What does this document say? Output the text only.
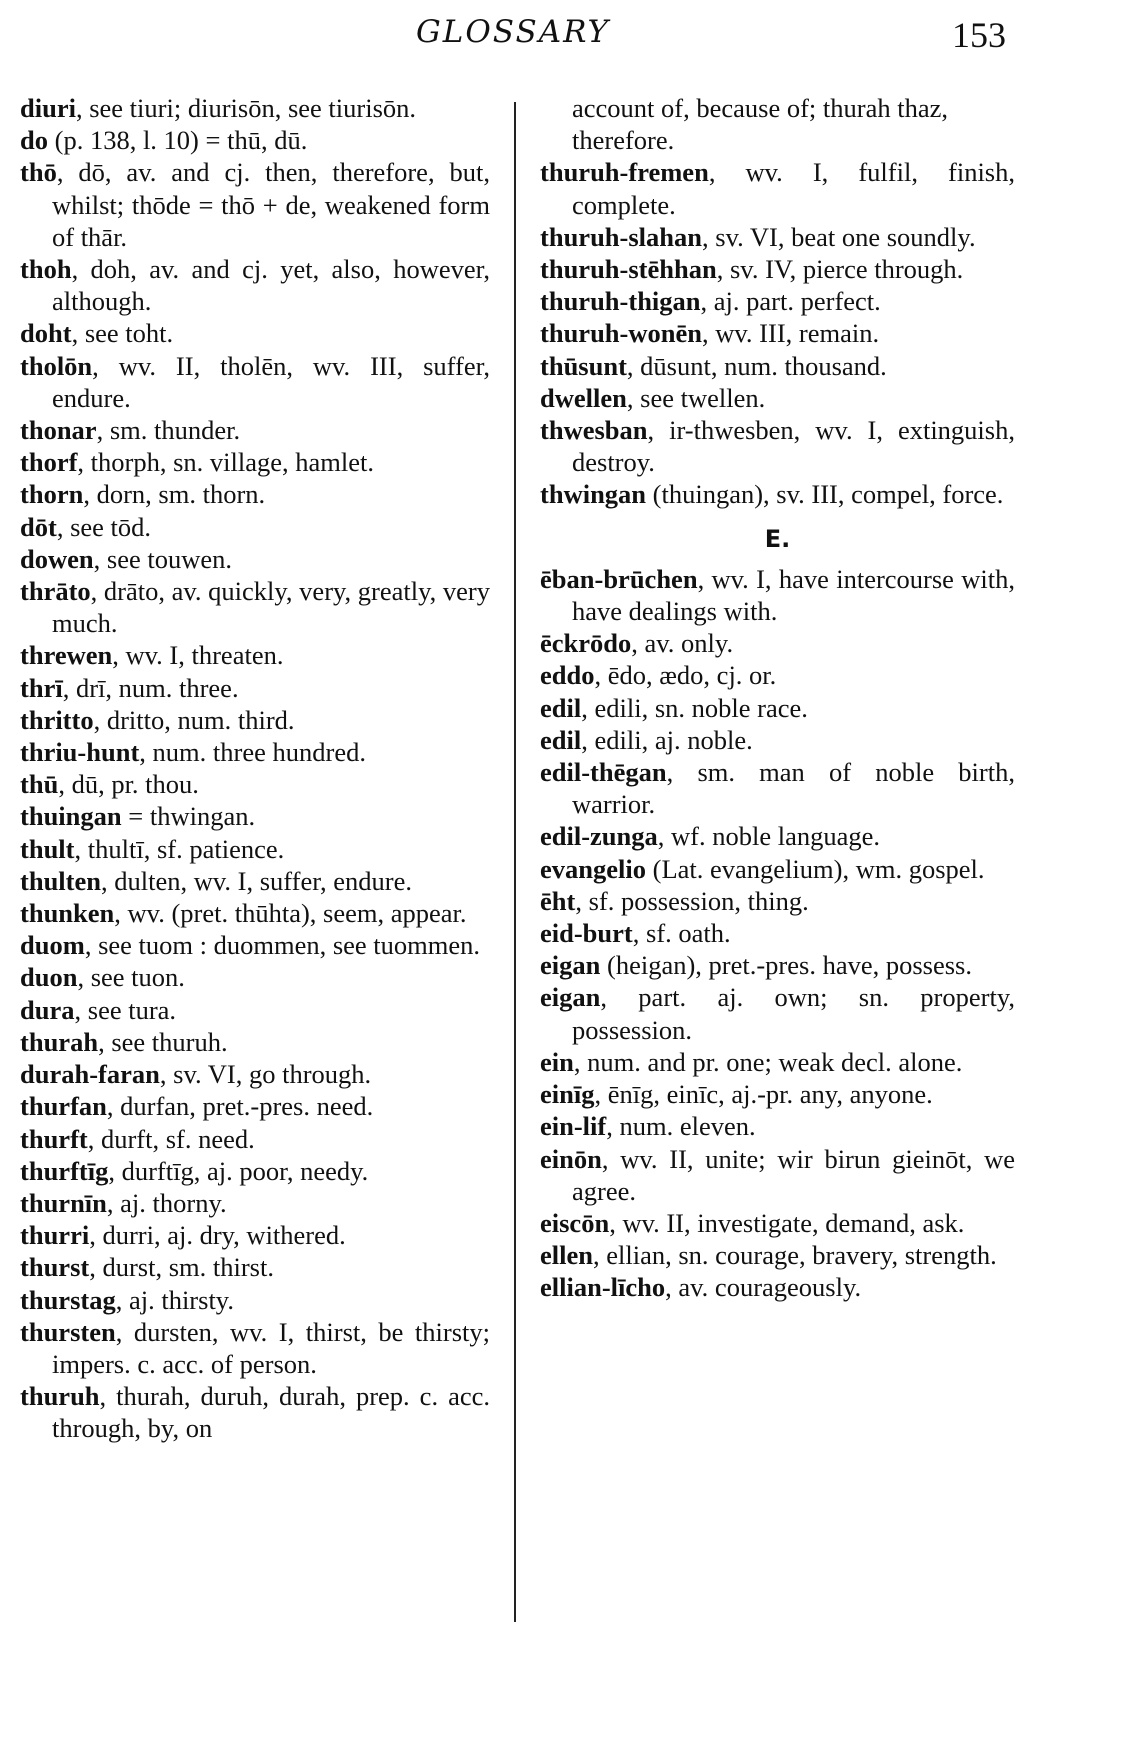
GLOSSARY	153
diuri, see tiuri; diurisōn, see tiurisōn.
do (p. 138, l. 10) = thū, dū.
thō, dō, av. and cj. then, therefore, but, whilst; thōde = thō + de, weakened form of thār.
thoh, doh, av. and cj. yet, also, however, although.
doht, see toht.
tholōn, wv. II, tholēn, wv. III, suffer, endure.
thonar, sm. thunder.
thorf, thorph, sn. village, hamlet.
thorn, dorn, sm. thorn.
dōt, see tōd.
dowen, see touwen.
thrāto, drāto, av. quickly, very, greatly, very much.
threwen, wv. I, threaten.
thrī, drī, num. three.
thritto, dritto, num. third.
thriu-hunt, num. three hundred.
thū, dū, pr. thou.
thuingan = thwingan.
thult, thultī, sf. patience.
thulten, dulten, wv. I, suffer, endure.
thunken, wv. (pret. thūhta), seem, appear.
duom, see tuom : duommen, see tuommen.
duon, see tuon.
dura, see tura.
thurah, see thuruh.
durah-faran, sv. VI, go through.
thurfan, durfan, pret.-pres. need.
thurft, durft, sf. need.
thurftīg, durftīg, aj. poor, needy.
thurnīn, aj. thorny.
thurri, durri, aj. dry, withered.
thurst, durst, sm. thirst.
thurstag, aj. thirsty.
thursten, dursten, wv. I, thirst, be thirsty; impers. c. acc. of person.
thuruh, thurah, duruh, durah, prep. c. acc. through, by, on
account of, because of; thurah thaz, therefore.
thuruh-fremen, wv. I, fulfil, finish, complete.
thuruh-slahan, sv. VI, beat one soundly.
thuruh-stēhhan, sv. IV, pierce through.
thuruh-thigan, aj. part. perfect.
thuruh-wonēn, wv. III, remain.
thūsunt, dūsunt, num. thousand.
dwellen, see twellen.
thwesban, ir-thwesben, wv. I, extinguish, destroy.
thwingan (thuingan), sv. III, compel, force.
E.
ēban-brūchen, wv. I, have intercourse with, have dealings with.
ēckrōdo, av. only.
eddo, ēdo, ædo, cj. or.
edil, edili, sn. noble race.
edil, edili, aj. noble.
edil-thēgan, sm. man of noble birth, warrior.
edil-zunga, wf. noble language.
evangelio (Lat. evangelium), wm. gospel.
ēht, sf. possession, thing.
eid-burt, sf. oath.
eigan (heigan), pret.-pres. have, possess.
eigan, part. aj. own; sn. property, possession.
ein, num. and pr. one; weak decl. alone.
einīg, ēnīg, einīc, aj.-pr. any, anyone.
ein-lif, num. eleven.
einōn, wv. II, unite; wir birun gieinōt, we agree.
eiscōn, wv. II, investigate, demand, ask.
ellen, ellian, sn. courage, bravery, strength.
ellian-līcho, av. courageously.
